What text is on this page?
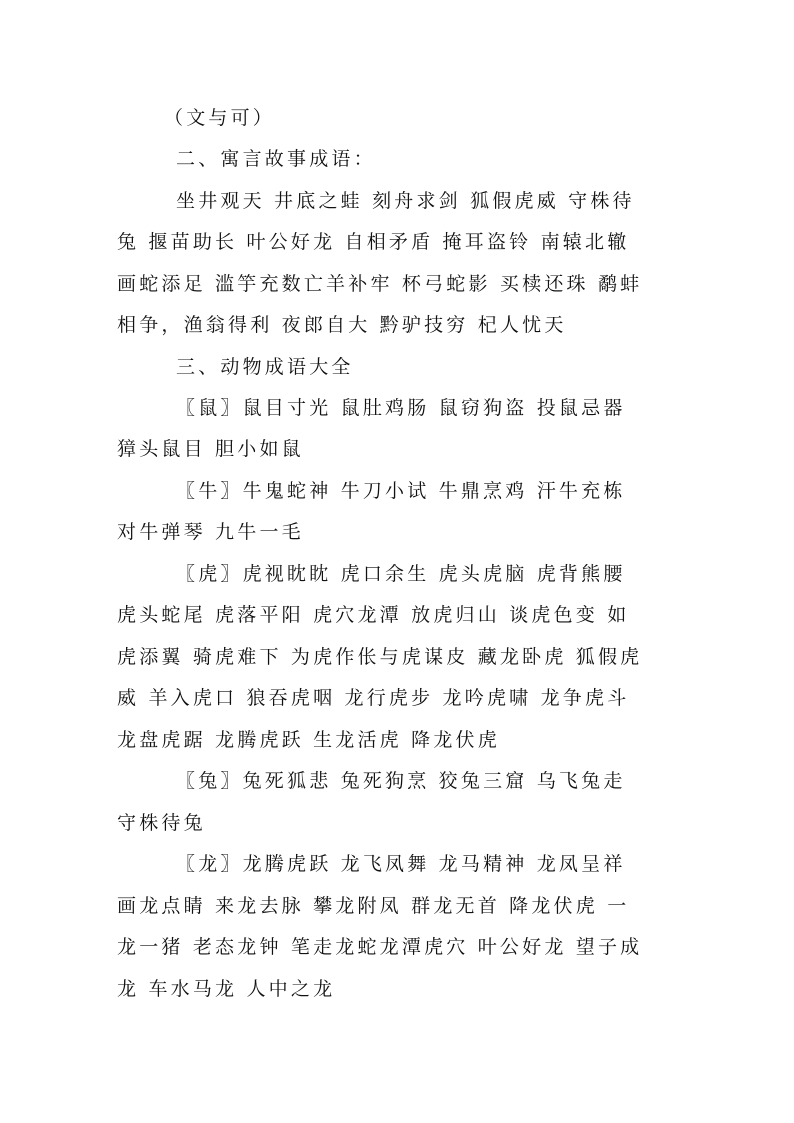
（文与可）
二、寓言故事成语：
坐井观天 井底之蛙 刻舟求剑 狐假虎威 守株待
兔 揠苗助长 叶公好龙 自相矛盾 掩耳盗铃 南辕北辙
画蛇添足 滥竽充数亡羊补牢 杯弓蛇影 买椟还珠 鹬蚌
相争，渔翁得利 夜郎自大 黔驴技穷 杞人忧天
三、动物成语大全
〖鼠〗鼠目寸光 鼠肚鸡肠 鼠窃狗盗 投鼠忌器
獐头鼠目 胆小如鼠
〖牛〗牛鬼蛇神 牛刀小试 牛鼎烹鸡 汗牛充栋
对牛弹琴 九牛一毛
〖虎〗虎视眈眈 虎口余生 虎头虎脑 虎背熊腰
虎头蛇尾 虎落平阳 虎穴龙潭 放虎归山 谈虎色变 如
虎添翼 骑虎难下 为虎作伥与虎谋皮 藏龙卧虎 狐假虎
威 羊入虎口 狼吞虎咽 龙行虎步 龙吟虎啸 龙争虎斗
龙盘虎踞 龙腾虎跃 生龙活虎 降龙伏虎
〖兔〗兔死狐悲 兔死狗烹 狡兔三窟 乌飞兔走
守株待兔
〖龙〗龙腾虎跃 龙飞凤舞 龙马精神 龙凤呈祥
画龙点睛 来龙去脉 攀龙附凤 群龙无首 降龙伏虎 一
龙一猪 老态龙钟 笔走龙蛇龙潭虎穴 叶公好龙 望子成
龙 车水马龙 人中之龙
